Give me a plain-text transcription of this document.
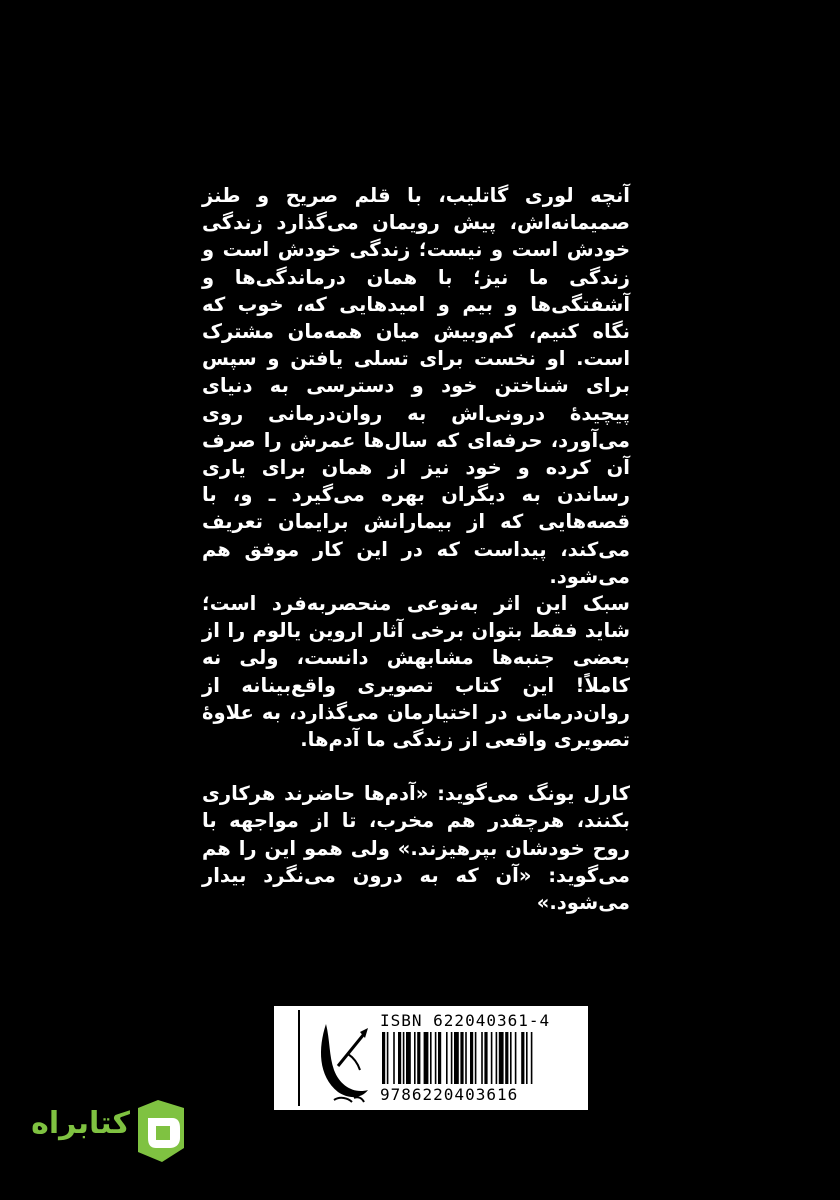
آنچه لوری گاتلیب، با قلم صریح و طنز صمیمانه‌اش، پیش رویمان می‌گذارد زندگی خودش است و نیست؛ زندگی خودش است و زندگی ما نیز؛ با همان درماندگی‌ها و آشفتگی‌ها و بیم و امیدهایی که، خوب که نگاه کنیم، کم‌وبیش میان همه‌مان مشترک است. او نخست برای تسلی یافتن و سپس برای شناختن خود و دسترسی به دنیای پیچیدهٔ درونی‌اش به روان‌درمانی روی می‌آورد، حرفه‌ای که سال‌ها عمرش را صرف آن کرده و خود نیز از همان برای یاری رساندن به دیگران بهره می‌گیرد ـ و، با قصه‌هایی که از بیمارانش برایمان تعریف می‌کند، پیداست که در این کار موفق هم می‌شود.

سبک این اثر به‌نوعی منحصربه‌فرد است؛ شاید فقط بتوان برخی آثار اروین یالوم را از بعضی جنبه‌ها مشابهش دانست، ولی نه کاملاً! این کتاب تصویری واقع‌بینانه از روان‌درمانی در اختیارمان می‌گذارد، به علاوهٔ تصویری واقعی از زندگی ما آدم‌ها.

کارل یونگ می‌گوید: «آدم‌ها حاضرند هرکاری بکنند، هرچقدر هم مخرب، تا از مواجهه با روح خودشان بپرهیزند.» ولی همو این را هم می‌گوید: «آن که به درون می‌نگرد بیدار می‌شود.»

ISBN 622040361-4
9786220403616
کتابراه
